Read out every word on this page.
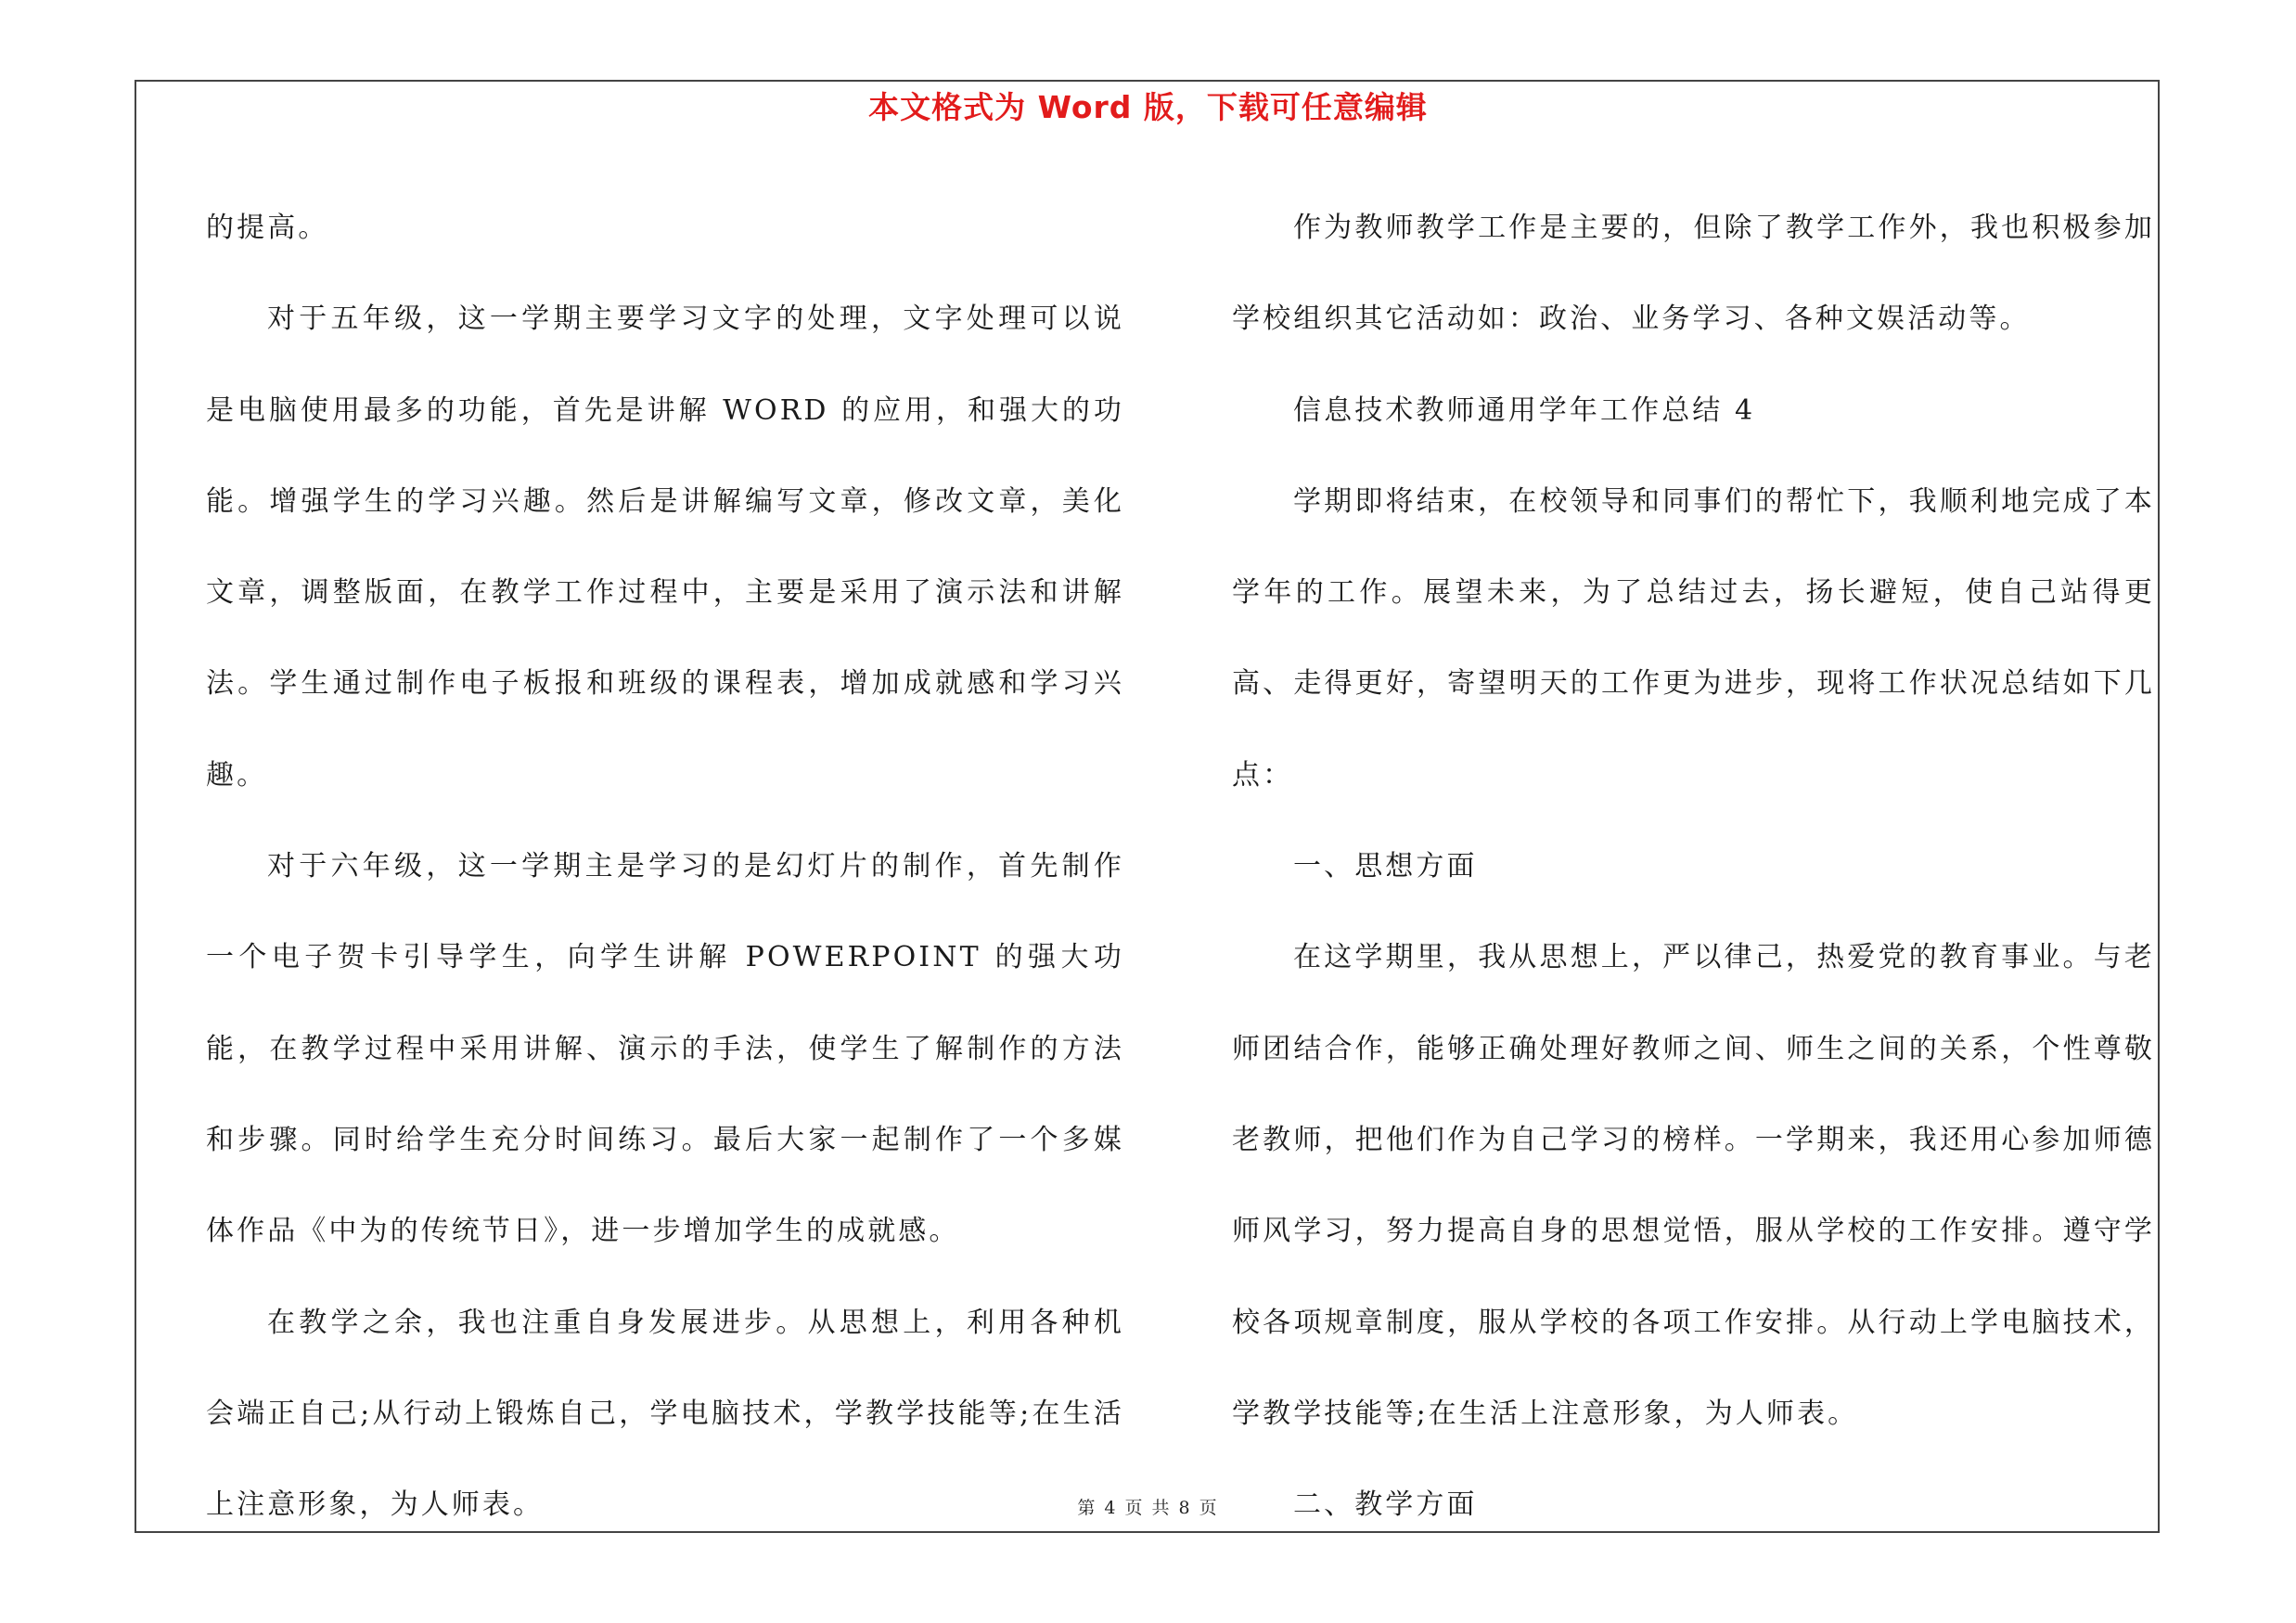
本文格式为 Word 版，下载可任意编辑

的提高。

对于五年级，这一学期主要学习文字的处理，文字处理可以说是电脑使用最多的功能，首先是讲解 WORD 的应用，和强大的功能。增强学生的学习兴趣。然后是讲解编写文章，修改文章，美化文章，调整版面，在教学工作过程中，主要是采用了演示法和讲解法。学生通过制作电子板报和班级的课程表，增加成就感和学习兴趣。

对于六年级，这一学期主是学习的是幻灯片的制作，首先制作一个电子贺卡引导学生，向学生讲解 POWERPOINT 的强大功能，在教学过程中采用讲解、演示的手法，使学生了解制作的方法和步骤。同时给学生充分时间练习。最后大家一起制作了一个多媒体作品《中为的传统节日》，进一步增加学生的成就感。

在教学之余，我也注重自身发展进步。从思想上，利用各种机会端正自己;从行动上锻炼自己，学电脑技术，学教学技能等;在生活上注意形象，为人师表。

作为教师教学工作是主要的，但除了教学工作外，我也积极参加学校组织其它活动如：政治、业务学习、各种文娱活动等。

信息技术教师通用学年工作总结 4

学期即将结束，在校领导和同事们的帮忙下，我顺利地完成了本学年的工作。展望未来，为了总结过去，扬长避短，使自己站得更高、走得更好，寄望明天的工作更为进步，现将工作状况总结如下几点：

一、思想方面

在这学期里，我从思想上，严以律己，热爱党的教育事业。与老师团结合作，能够正确处理好教师之间、师生之间的关系，个性尊敬老教师，把他们作为自己学习的榜样。一学期来，我还用心参加师德师风学习，努力提高自身的思想觉悟，服从学校的工作安排。遵守学校各项规章制度，服从学校的各项工作安排。从行动上学电脑技术，学教学技能等;在生活上注意形象，为人师表。

二、教学方面

第 4 页 共 8 页
